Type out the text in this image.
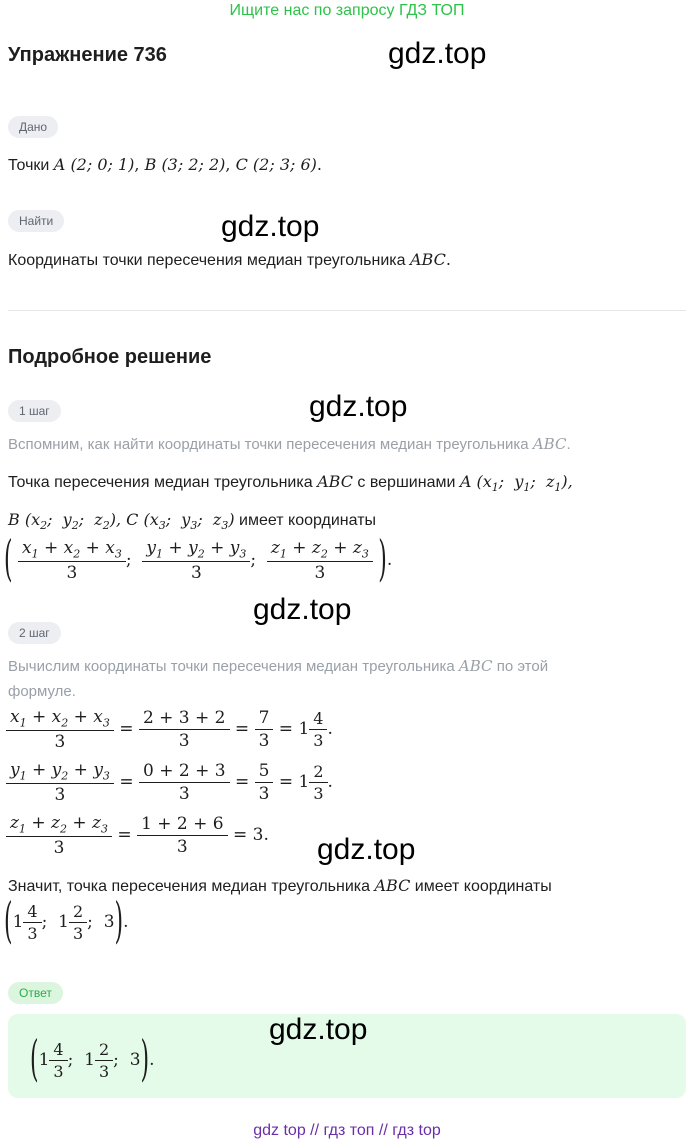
Ищите нас по запросу ГДЗ ТОП
Упражнение 736	gdz.top
Дано
Точки A (2; 0; 1), B (3; 2; 2), C (2; 3; 6).
Найти	gdz.top
Координаты точки пересечения медиан треугольника ABC.
Подробное решение
1 шаг	gdz.top
Вспомним, как найти координаты точки пересечения медиан треугольника ABC.
Точка пересечения медиан треугольника ABC с вершинами A ($x_1$;  $y_1$;  $z_1$),
B ($x_2$;  $y_2$;  $z_2$), C ($x_3$;  $y_3$;  $z_3$) имеет координаты
( $\frac{x_1 + x_2 + x_3}{3}$ ; $\frac{y_1 + y_2 + y_3}{3}$ ; $\frac{z_1 + z_2 + z_3}{3}$ ).
gdz.top
2 шаг
Вычислим координаты точки пересечения медиан треугольника ABC по этой
формуле.
$\frac{x_1 + x_2 + x_3}{3} = \frac{2 + 3 + 2}{3} = \frac{7}{3} = 1 \frac{4}{3}$ .
$\frac{y_1 + y_2 + y_3}{3} = \frac{0 + 2 + 3}{3} = \frac{5}{3} = 1 \frac{2}{3}$ .
$\frac{z_1 + z_2 + z_3}{3} = \frac{1 + 2 + 6}{3} = 3$. gdz.top
Значит, точка пересечения медиан треугольника ABC имеет координаты
($1 \frac{4}{3}$ ;  $1 \frac{2}{3}$ ;  3).
Ответ
gdz.top
($1 \frac{4}{3}$ ;  $1 \frac{2}{3}$ ;  3).
gdz top // гдз топ // гдз top
